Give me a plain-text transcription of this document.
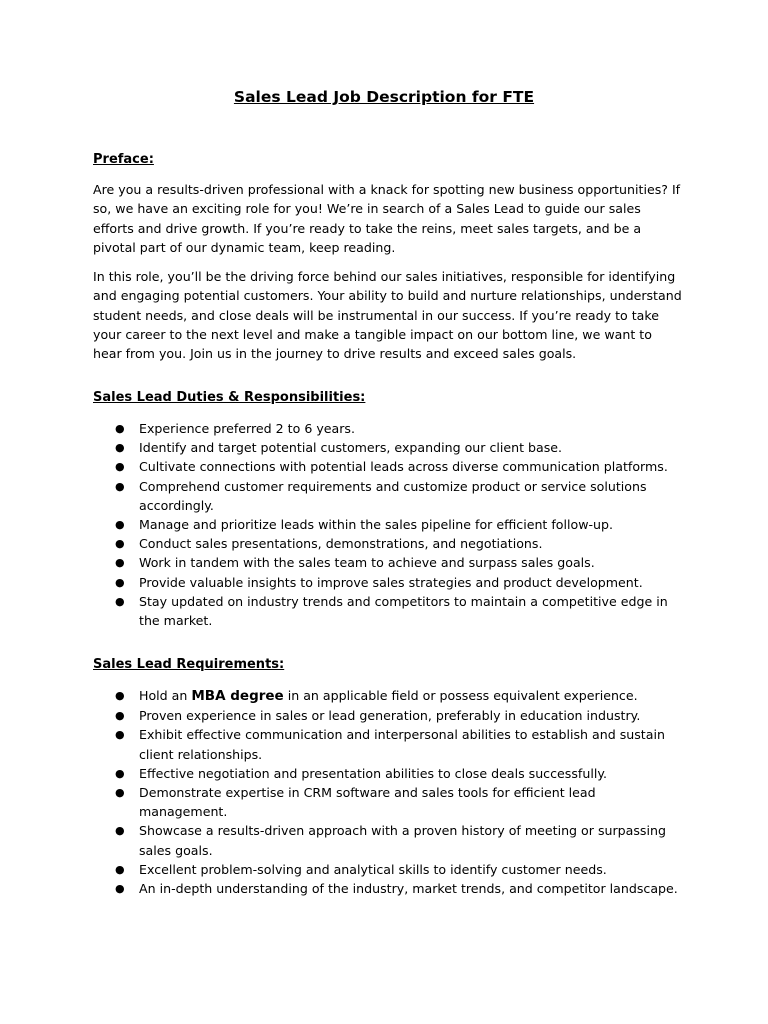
Sales Lead Job Description for FTE
Preface:

Are you a results-driven professional with a knack for spotting new business opportunities? If so, we have an exciting role for you! We’re in search of a Sales Lead to guide our sales efforts and drive growth. If you’re ready to take the reins, meet sales targets, and be a pivotal part of our dynamic team, keep reading.

In this role, you’ll be the driving force behind our sales initiatives, responsible for identifying and engaging potential customers. Your ability to build and nurture relationships, understand student needs, and close deals will be instrumental in our success. If you’re ready to take your career to the next level and make a tangible impact on our bottom line, we want to hear from you. Join us in the journey to drive results and exceed sales goals.

Sales Lead Duties & Responsibilities:
● Experience preferred 2 to 6 years.
● Identify and target potential customers, expanding our client base.
● Cultivate connections with potential leads across diverse communication platforms.
● Comprehend customer requirements and customize product or service solutions accordingly.
● Manage and prioritize leads within the sales pipeline for efficient follow-up.
● Conduct sales presentations, demonstrations, and negotiations.
● Work in tandem with the sales team to achieve and surpass sales goals.
● Provide valuable insights to improve sales strategies and product development.
● Stay updated on industry trends and competitors to maintain a competitive edge in the market.
Sales Lead Requirements:
● Hold an MBA degree in an applicable field or possess equivalent experience.
● Proven experience in sales or lead generation, preferably in education industry.
● Exhibit effective communication and interpersonal abilities to establish and sustain client relationships.
● Effective negotiation and presentation abilities to close deals successfully.
● Demonstrate expertise in CRM software and sales tools for efficient lead management.
● Showcase a results-driven approach with a proven history of meeting or surpassing sales goals.
● Excellent problem-solving and analytical skills to identify customer needs.
● An in-depth understanding of the industry, market trends, and competitor landscape.
